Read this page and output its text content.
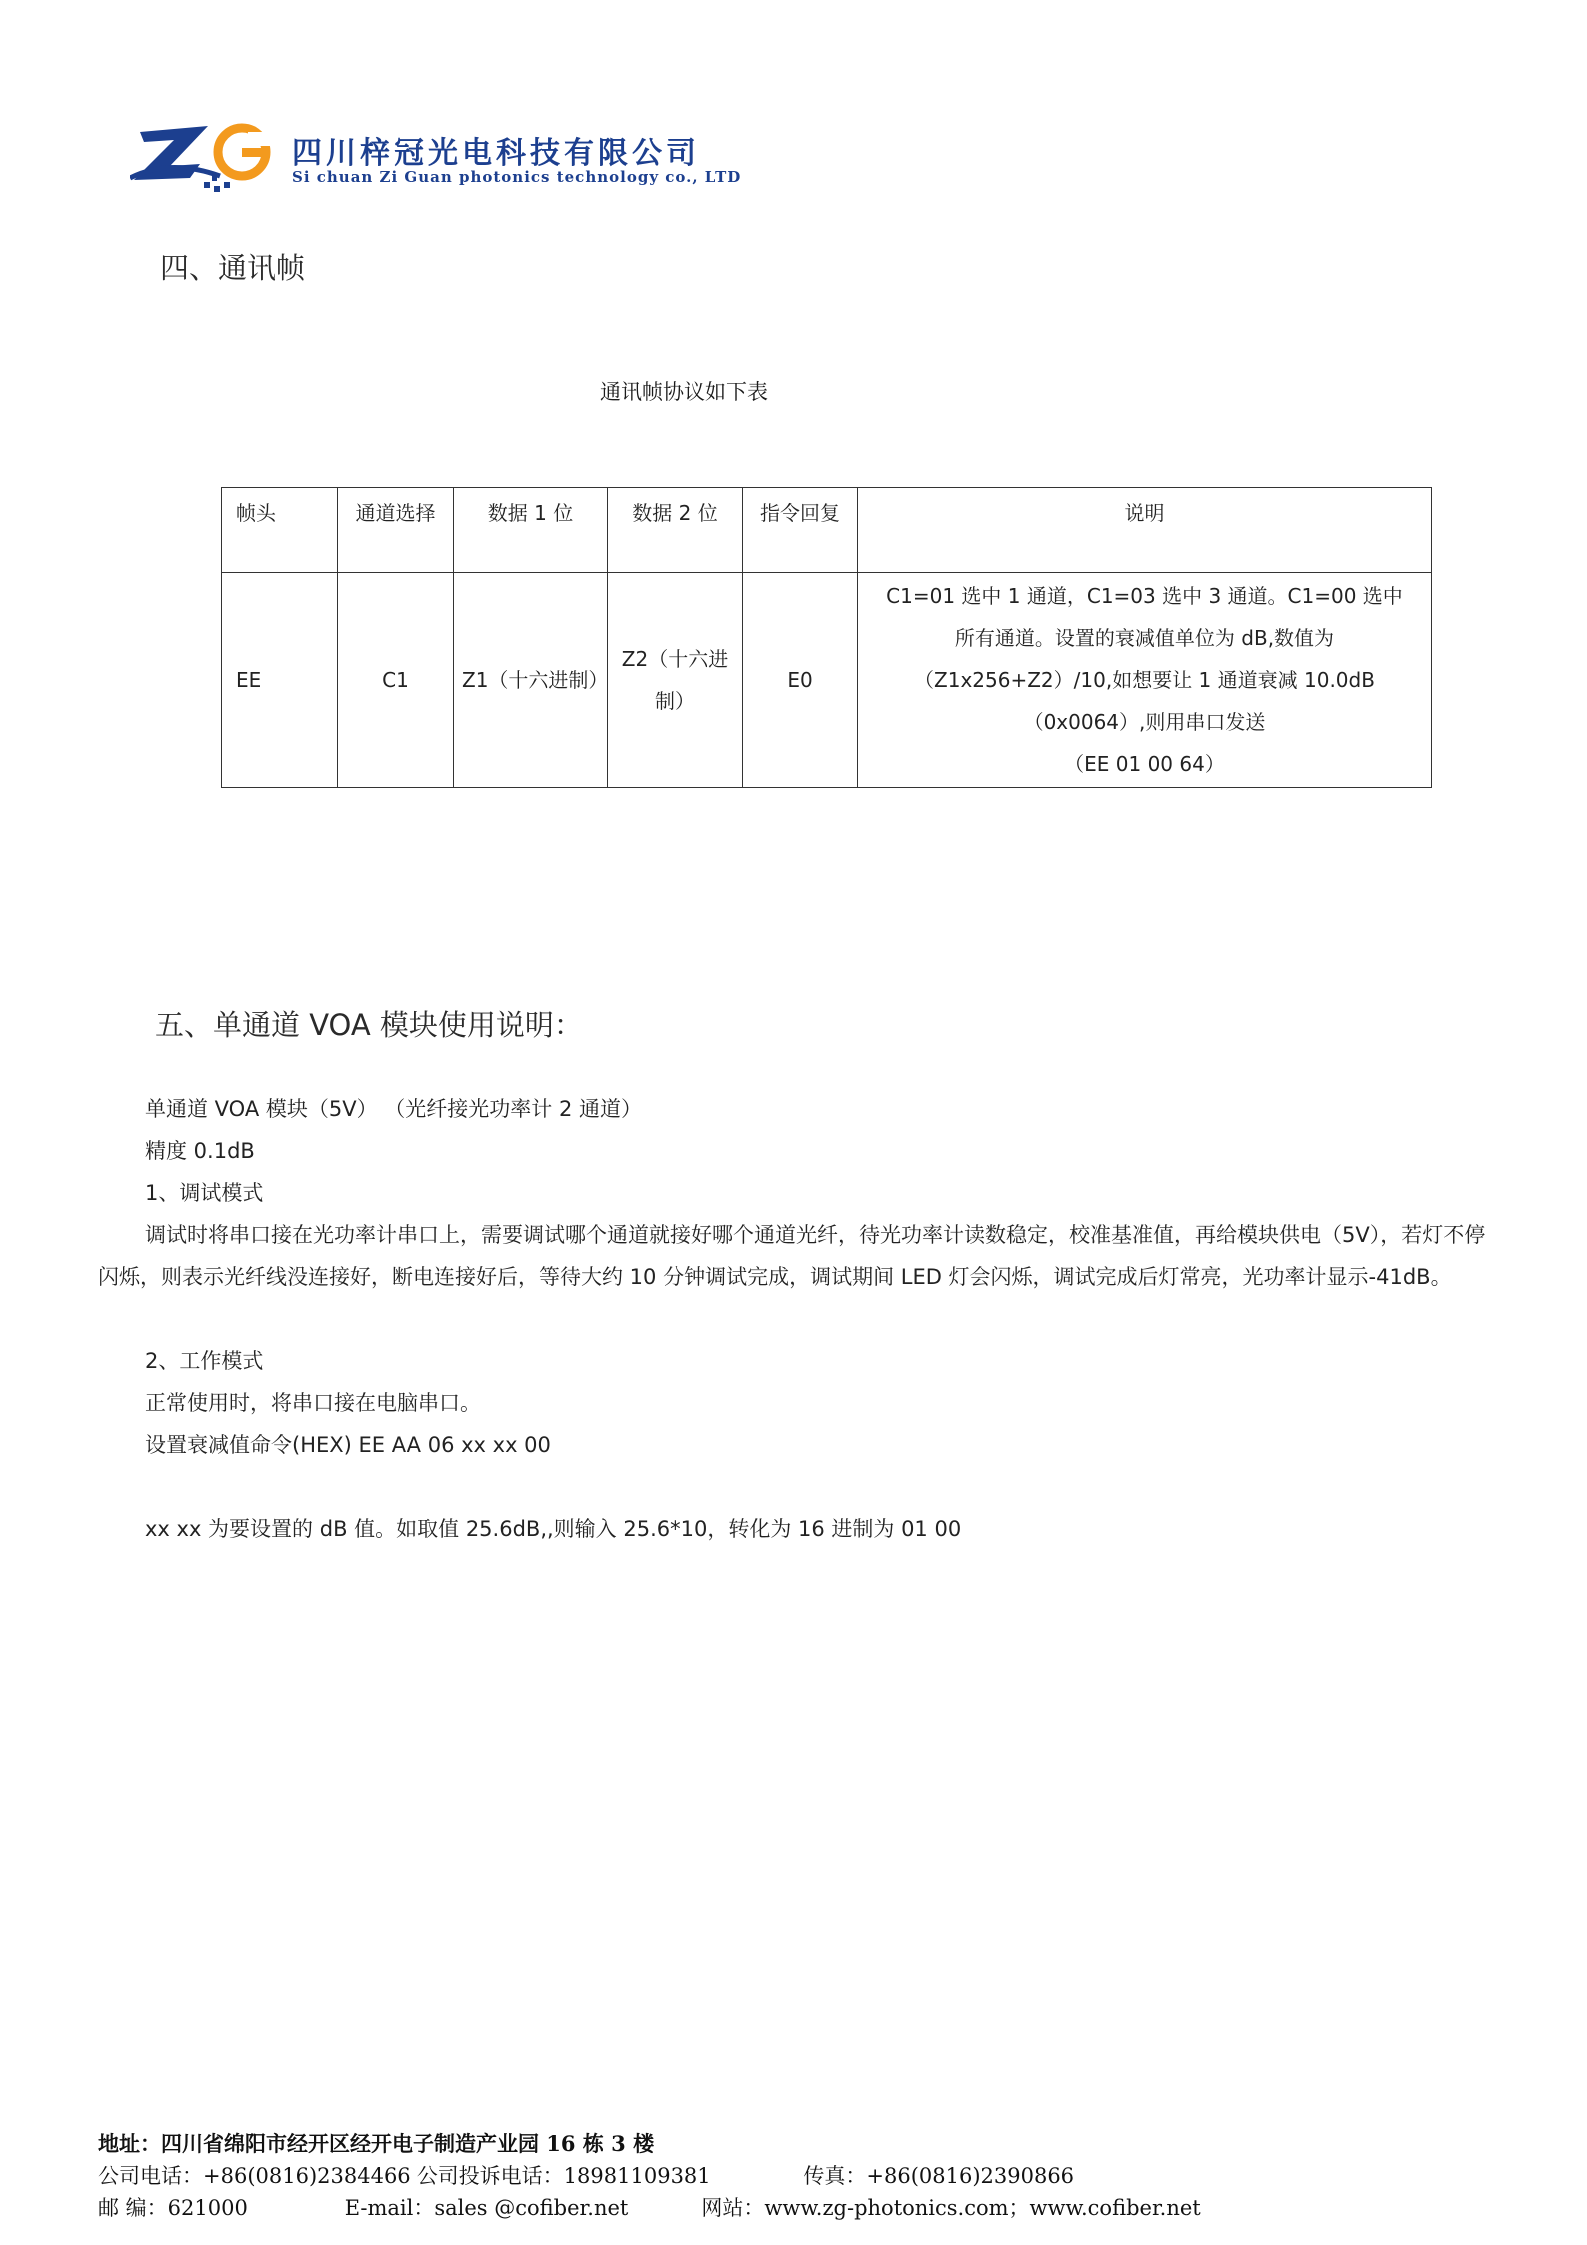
四川梓冠光电科技有限公司
Si chuan Zi Guan photonics technology co., LTD
四、通讯帧
通讯帧协议如下表
帧头	通道选择	数据 1 位	数据 2 位	指令回复	说明
EE	C1	Z1（十六进制）	Z2（十六进制）	E0	C1=01 选中 1 通道，C1=03 选中 3 通道。C1=00 选中
所有通道。设置的衰减值单位为 dB,数值为
（Z1x256+Z2）/10,如想要让 1 通道衰减 10.0dB
（0x0064）,则用串口发送
（EE 01 00 64）
五、单通道 VOA 模块使用说明：
单通道 VOA 模块（5V） （光纤接光功率计 2 通道）
精度 0.1dB
1、调试模式
调试时将串口接在光功率计串口上，需要调试哪个通道就接好哪个通道光纤，待光功率计读数稳定，校准基准值，再给模块供电（5V），若灯不停闪烁，则表示光纤线没连接好，断电连接好后，等待大约 10 分钟调试完成，调试期间 LED 灯会闪烁，调试完成后灯常亮，光功率计显示-41dB。
2、工作模式
正常使用时，将串口接在电脑串口。
设置衰减值命令(HEX) EE AA 06 xx xx 00
xx xx 为要设置的 dB 值。如取值 25.6dB,,则输入 25.6*10，转化为 16 进制为 01 00
地址：四川省绵阳市经开区经开电子制造产业园 16 栋 3 楼
公司电话：+86(0816)2384466 公司投诉电话：18981109381	传真：+86(0816)2390866
邮 编：621000	E-mail：sales @cofiber.net	网站：www.zg-photonics.com；www.cofiber.net
